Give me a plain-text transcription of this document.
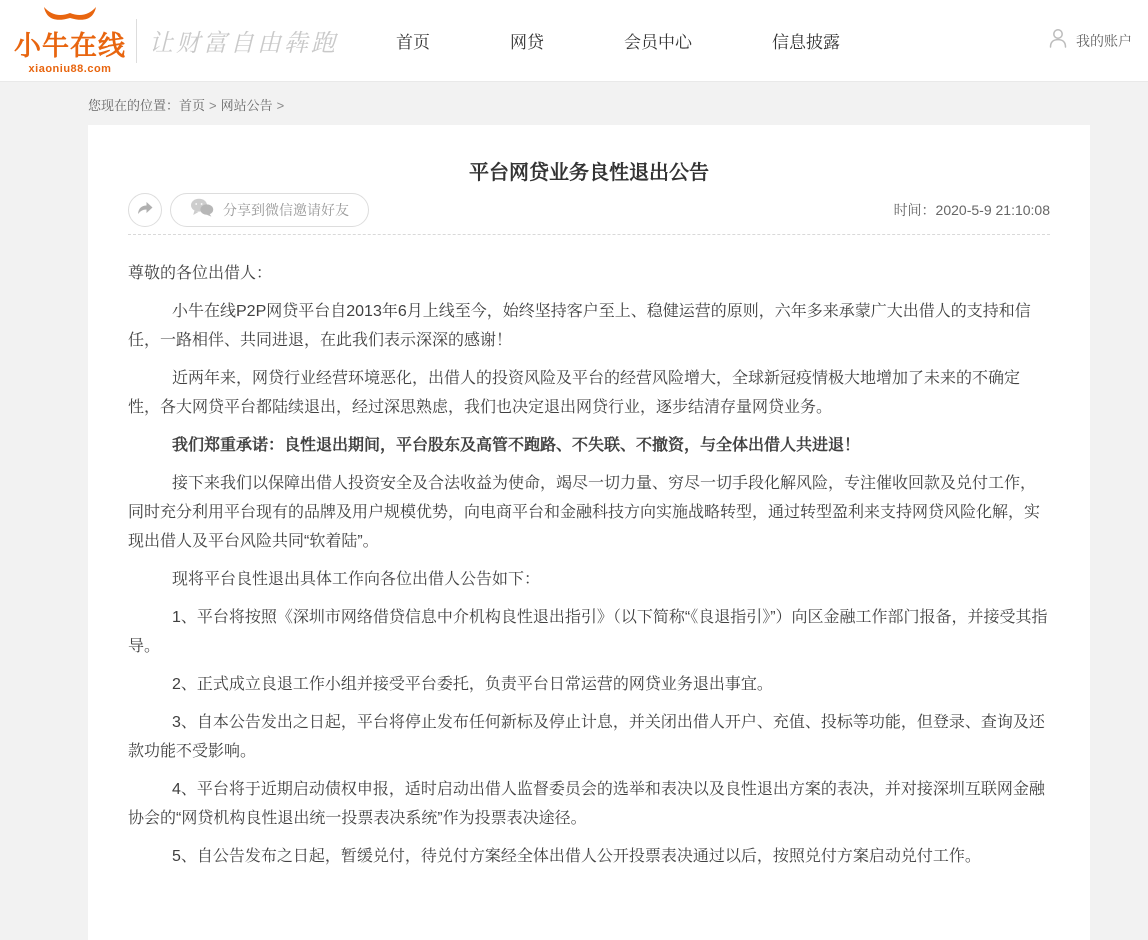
小牛在线
xiaoniu88.com
让财富自由犇跑	首页	网贷	会员中心	信息披露	我的账户
您现在的位置：首页 > 网站公告 >
平台网贷业务良性退出公告
分享到微信邀请好友	时间：2020-5-9 21:10:08

尊敬的各位出借人：

小牛在线P2P网贷平台自2013年6月上线至今，始终坚持客户至上、稳健运营的原则，六年多来承蒙广大出借人的支持和信任，一路相伴、共同进退，在此我们表示深深的感谢！

近两年来，网贷行业经营环境恶化，出借人的投资风险及平台的经营风险增大，全球新冠疫情极大地增加了未来的不确定性，各大网贷平台都陆续退出，经过深思熟虑，我们也决定退出网贷行业，逐步结清存量网贷业务。

我们郑重承诺：良性退出期间，平台股东及高管不跑路、不失联、不撤资，与全体出借人共进退！

接下来我们以保障出借人投资安全及合法收益为使命，竭尽一切力量、穷尽一切手段化解风险，专注催收回款及兑付工作，同时充分利用平台现有的品牌及用户规模优势，向电商平台和金融科技方向实施战略转型，通过转型盈利来支持网贷风险化解，实现出借人及平台风险共同“软着陆”。

现将平台良性退出具体工作向各位出借人公告如下：

1、平台将按照《深圳市网络借贷信息中介机构良性退出指引》（以下简称“《良退指引》”）向区金融工作部门报备，并接受其指导。

2、正式成立良退工作小组并接受平台委托，负责平台日常运营的网贷业务退出事宜。

3、自本公告发出之日起，平台将停止发布任何新标及停止计息，并关闭出借人开户、充值、投标等功能，但登录、查询及还款功能不受影响。

4、平台将于近期启动债权申报，适时启动出借人监督委员会的选举和表决以及良性退出方案的表决，并对接深圳互联网金融协会的“网贷机构良性退出统一投票表决系统”作为投票表决途径。

5、自公告发布之日起，暂缓兑付，待兑付方案经全体出借人公开投票表决通过以后，按照兑付方案启动兑付工作。
